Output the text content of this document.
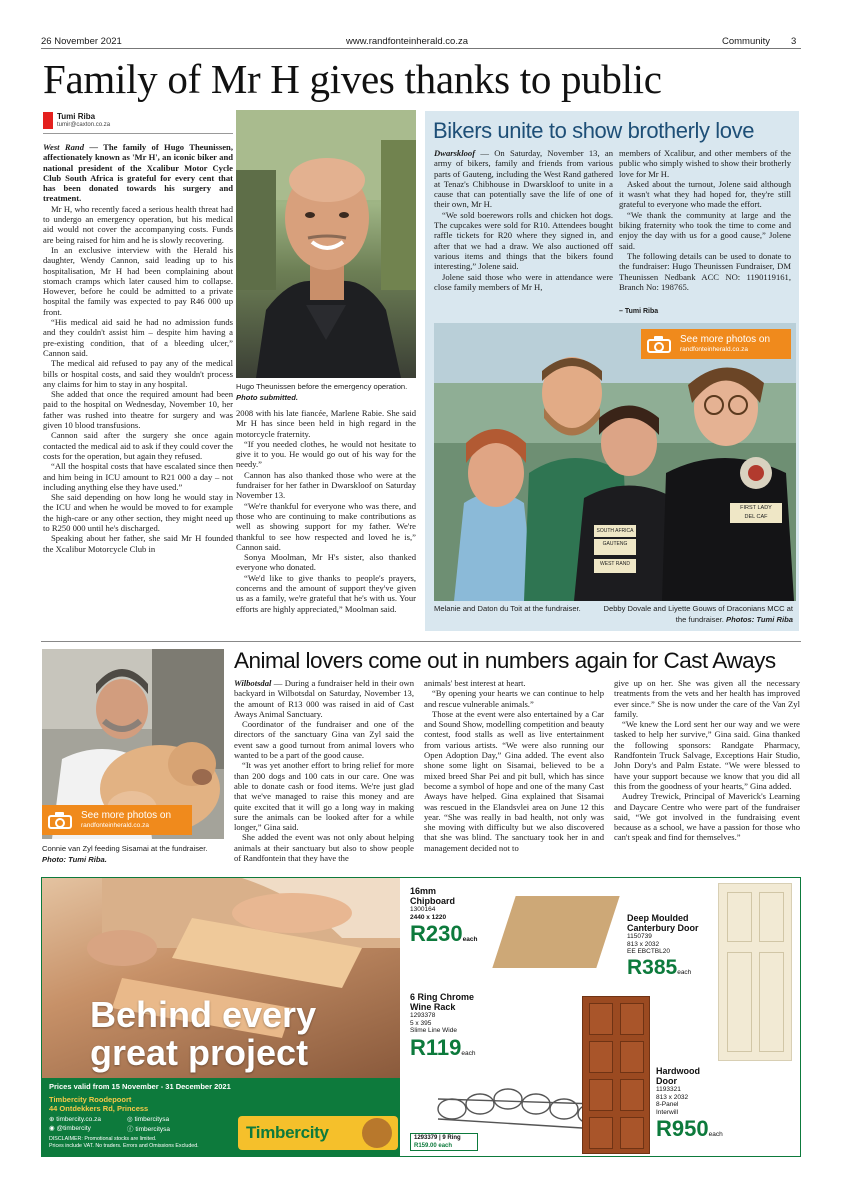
26 November 2021	www.randfonteinherald.co.za	Community 3
Family of Mr H gives thanks to public
Tumi Riba
tumir@caxton.co.za

West Rand — The family of Hugo Theunissen, affectionately known as 'Mr H', an iconic biker and national president of the Xcalibur Motor Cycle Club South Africa is grateful for every cent that has been donated towards his surgery and treatment.

Mr H, who recently faced a serious health threat had to undergo an emergency operation, but his medical aid would not cover the accompanying costs. Funds are being raised for him and he is slowly recovering.

In an exclusive interview with the Herald his daughter, Wendy Cannon, said leading up to his hospitalisation, Mr H had been complaining about stomach cramps which later caused him to collapse. However, before he could be admitted to a private hospital the family was expected to pay R46 000 up front.

“His medical aid said he had no admission funds and they couldn't assist him – despite him having a pre-existing condition, that of a bleeding ulcer,” Cannon said.

The medical aid refused to pay any of the medical bills or hospital costs, and said they wouldn't process any claims for him to stay in any hospital.

She added that once the required amount had been paid to the hospital on Wednesday, November 10, her father was rushed into theatre for surgery and was given 10 blood transfusions.

Cannon said after the surgery she once again contacted the medical aid to ask if they could cover the costs for the operation, but again they refused.

“All the hospital costs that have escalated since then and him being in ICU amount to R21 000 a day – not including anything else they have used.”

She said depending on how long he would stay in the ICU and when he would be moved to for example the high-care or any other section, they might need up to R250 000 until he's discharged.

Speaking about her father, she said Mr H founded the Xcalibur Motorcycle Club in

Hugo Theunissen before the emergency operation. Photo submitted.

2008 with his late fiancée, Marlene Rabie. She said Mr H has since been held in high regard in the motorcycle fraternity.

“If you needed clothes, he would not hesitate to give it to you. He would go out of his way for the needy.”

Cannon has also thanked those who were at the fundraiser for her father in Dwarskloof on Saturday November 13.

“We're thankful for everyone who was there, and those who are continuing to make contributions as well as showing support for my father. We're thankful to see how respected and loved he is,” Cannon said.

Sonya Moolman, Mr H's sister, also thanked everyone who donated.

“We'd like to give thanks to people's prayers, concerns and the amount of support they've given us as a family, we're grateful that he's with us. Your efforts are highly appreciated,” Moolman said.

Bikers unite to show brotherly love

Dwarskloof — On Saturday, November 13, an army of bikers, family and friends from various parts of Gauteng, including the West Rand gathered at Tenaz's Chibhouse in Dwarskloof to unite in a cause that can potentially save the life of one of their own, Mr H.

“We sold boerewors rolls and chicken hot dogs. The cupcakes were sold for R10. Attendees bought raffle tickets for R20 where they signed in, and after that we had a draw. We also auctioned off various items and things that the bikers found interesting,” Jolene said.

Jolene said those who were in attendance were close family members of Mr H,

members of Xcalibur, and other members of the public who simply wished to show their brotherly love for Mr H.

Asked about the turnout, Jolene said although it wasn't what they had hoped for, they're still grateful to everyone who made the effort.

“We thank the community at large and the biking fraternity who took the time to come and enjoy the day with us for a good cause,” Jolene said.

The following details can be used to donate to the fundraiser: Hugo Theunissen Fundraiser, DM Theunissen Nedbank ACC NO: 1190119161, Branch No: 198765.

– Tumi Riba
FIRST LADY
DEL CAF
SOUTH AFRICA
GAUTENG
WEST RAND
See more photos on
randfonteinherald.co.za
Melanie and Daton du Toit at the fundraiser.	Debby Dovale and Liyette Gouws of Draconians MCC at the fundraiser. Photos: Tumi Riba
See more photos on
randfonteinherald.co.za
Connie van Zyl feeding Sisamai at the fundraiser. Photo: Tumi Riba.
Animal lovers come out in numbers again for Cast Aways

Wilbotsdal — During a fundraiser held in their own backyard in Wilbotsdal on Saturday, November 13, the amount of R13 000 was raised in aid of Cast Aways Animal Sanctuary.

Coordinator of the fundraiser and one of the directors of the sanctuary Gina van Zyl said the event saw a good turnout from animal lovers who wanted to be a part of the good cause.

“It was yet another effort to bring relief for more than 200 dogs and 100 cats in our care. One was able to donate cash or food items. We're just glad that we've managed to raise this money and are quite excited that it will go a long way in making sure the animals can be looked after for a while longer,” Gina said.

She added the event was not only about helping animals at their sanctuary but also to show people of Randfontein that they have the

animals' best interest at heart.

“By opening your hearts we can continue to help and rescue vulnerable animals.”

Those at the event were also entertained by a Car and Sound Show, modelling competition and beauty contest, food stalls as well as live entertainment from various artists. “We were also running our Open Adoption Day,” Gina added. The event also shone some light on Sisamai, believed to be a mixed breed Shar Pei and pit bull, which has since become a symbol of hope and one of the many Cast Aways have helped. Gina explained that Sisamai was rescued in the Elandsvlei area on June 12 this year. “She was really in bad health, not only was she moving with difficulty but we also discovered that she was blind. The sanctuary took her in and management decided not to

give up on her. She was given all the necessary treatments from the vets and her health has improved ever since.” She is now under the care of the Van Zyl family.

“We knew the Lord sent her our way and we were tasked to help her survive,” Gina said. Gina thanked the following sponsors: Randgate Pharmacy, Randfontein Truck Salvage, Exceptions Hair Studio, John Dory's and Palm Estate. “We were blessed to have your support because we know that you did all this from the goodness of your hearts,” Gina added.

Audrey Trewick, Principal of Maverick's Learning and Daycare Centre who were part of the fundraiser said, “We got involved in the fundraising event because as a school, we have a passion for those who can't speak and find for themselves.”

Behind every
great project
Prices valid from 15 November - 31 December 2021
Timbercity Roodepoort
44 Ontdekkers Rd, Princess
⊕ timbercity.co.za	◎ timbercitysa
◉ @timbercity	ⓕ timbercitysa
DISCLAIMER: Promotional stocks are limited.
Prices include VAT. No traders. Errors and Omissions Excluded.
Timbercity
16mm
Chipboard
1300164
2440 x 1220
R230each
6 Ring Chrome Wine Rack
1293378
5 x 395
Slime Line Wide
R119each
1293379 | 9 Ring
R159.00 each
Deep Moulded
Canterbury Door
1150739
813 x 2032
EE EBCTBL20
R385each
Hardwood
Door
1193321
813 x 2032
8-Panel
Interwill
R950each
